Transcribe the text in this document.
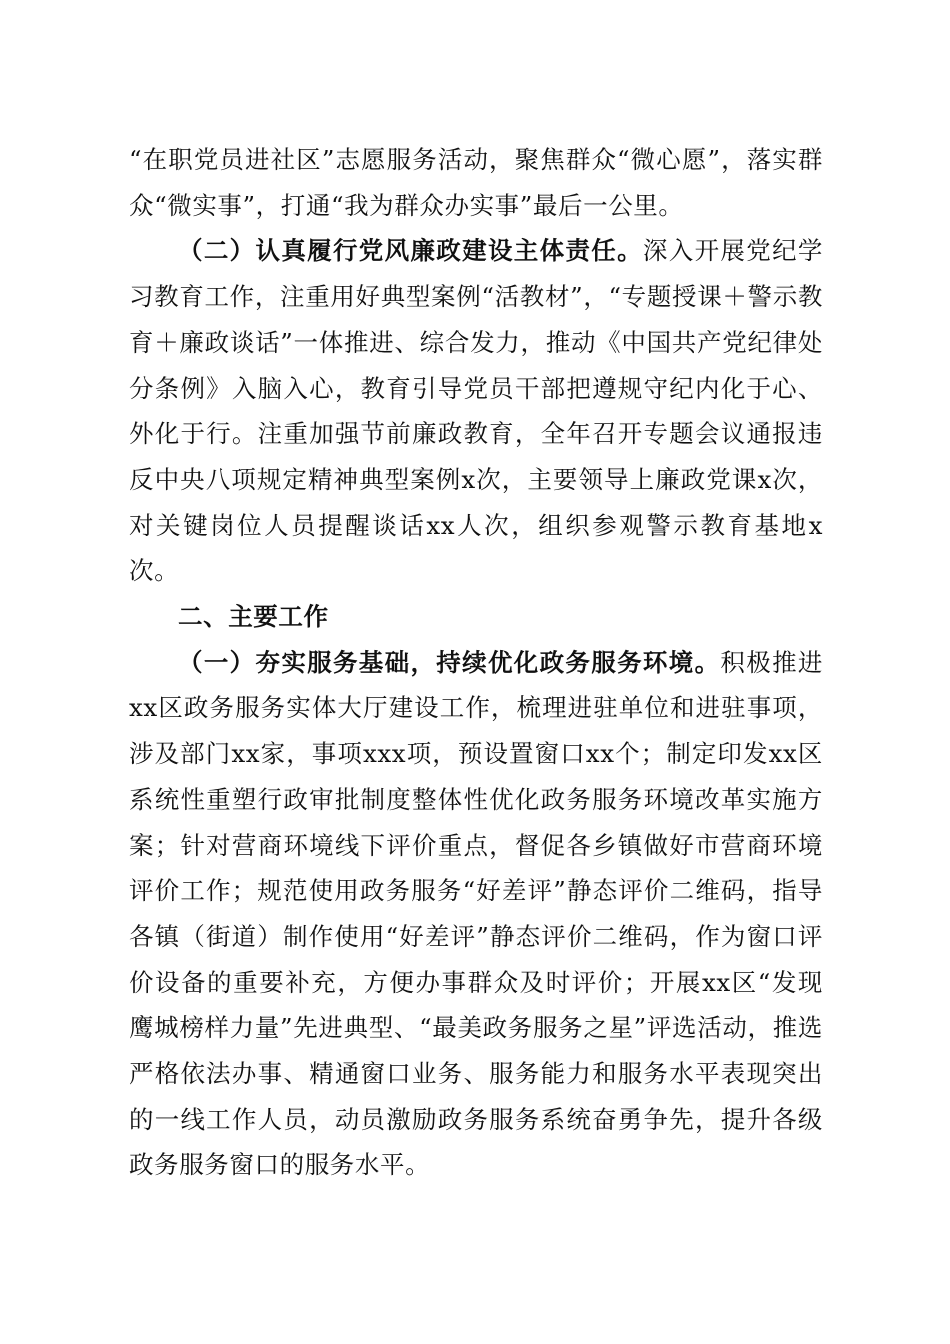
“在职党员进社区”志愿服务活动，聚焦群众“微心愿”，落实群众“微实事”，打通“我为群众办实事”最后一公里。

（二）认真履行党风廉政建设主体责任。深入开展党纪学习教育工作，注重用好典型案例“活教材”，“专题授课＋警示教育＋廉政谈话”一体推进、综合发力，推动《中国共产党纪律处分条例》入脑入心，教育引导党员干部把遵规守纪内化于心、外化于行。注重加强节前廉政教育，全年召开专题会议通报违反中央八项规定精神典型案例x次，主要领导上廉政党课x次，对关键岗位人员提醒谈话xx人次，组织参观警示教育基地x次。

二、主要工作

（一）夯实服务基础，持续优化政务服务环境。积极推进xx区政务服务实体大厅建设工作，梳理进驻单位和进驻事项，涉及部门xx家，事项xxx项，预设置窗口xx个；制定印发xx区系统性重塑行政审批制度整体性优化政务服务环境改革实施方案；针对营商环境线下评价重点，督促各乡镇做好市营商环境评价工作；规范使用政务服务“好差评”静态评价二维码，指导各镇（街道）制作使用“好差评”静态评价二维码，作为窗口评价设备的重要补充，方便办事群众及时评价；开展xx区“发现鹰城榜样力量”先进典型、“最美政务服务之星”评选活动，推选严格依法办事、精通窗口业务、服务能力和服务水平表现突出的一线工作人员，动员激励政务服务系统奋勇争先，提升各级政务服务窗口的服务水平。
